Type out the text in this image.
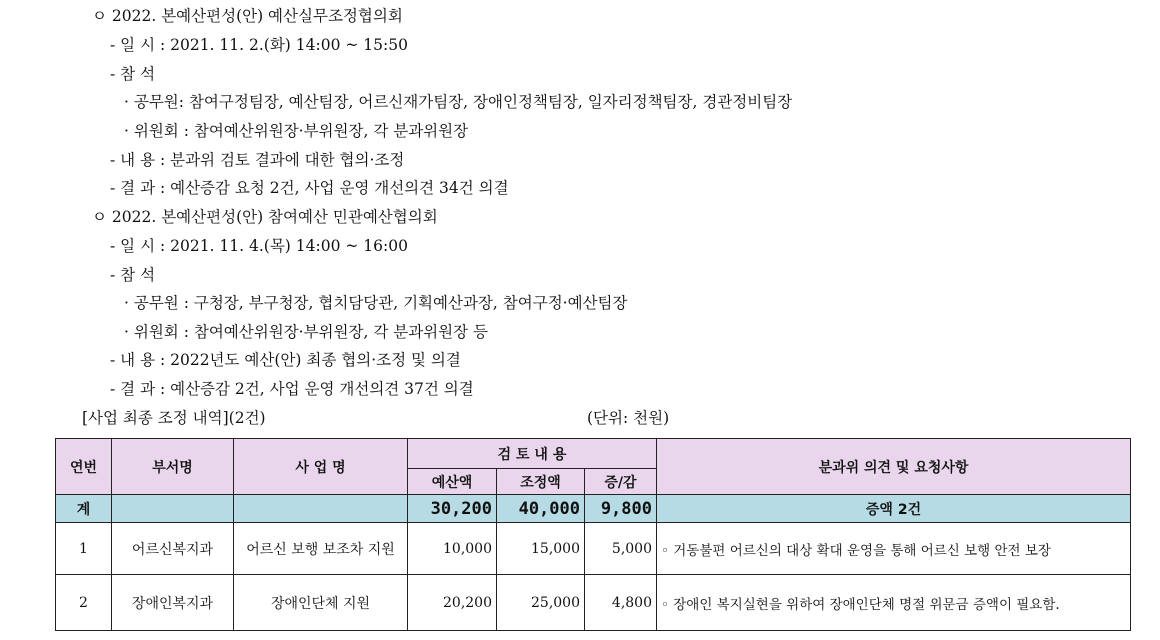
ㅇ 2022. 본예산편성(안) 예산실무조정협의회
- 일 시 : 2021. 11. 2.(화) 14:00 ~ 15:50
- 참 석
· 공무원: 참여구정팀장, 예산팀장, 어르신재가팀장, 장애인정책팀장, 일자리정책팀장, 경관정비팀장
· 위원회 : 참여예산위원장·부위원장, 각 분과위원장
- 내 용 : 분과위 검토 결과에 대한 협의·조정
- 결 과 : 예산증감 요청 2건, 사업 운영 개선의견 34건 의결
ㅇ 2022. 본예산편성(안) 참여예산 민관예산협의회
- 일 시 : 2021. 11. 4.(목) 14:00 ~ 16:00
- 참 석
· 공무원 : 구청장, 부구청장, 협치담당관, 기획예산과장, 참여구정·예산팀장
· 위원회 : 참여예산위원장·부위원장, 각 분과위원장 등
- 내 용 : 2022년도 예산(안) 최종 협의·조정 및 의결
- 결 과 : 예산증감 2건, 사업 운영 개선의견 37건 의결
[사업 최종 조정 내역](2건)	(단위: 천원)
연번	부서명	사 업 명	검 토 내 용			분과위 의견 및 요청사항
			예산액	조정액	증/감	
계			30,200	40,000	9,800	증액 2건
1	어르신복지과	어르신 보행 보조차 지원	10,000	15,000	5,000	◦ 거동불편 어르신의 대상 확대 운영을 통해 어르신 보행 안전 보장
2	장애인복지과	장애인단체 지원	20,200	25,000	4,800	◦ 장애인 복지실현을 위하여 장애인단체 명절 위문금 증액이 필요함.
